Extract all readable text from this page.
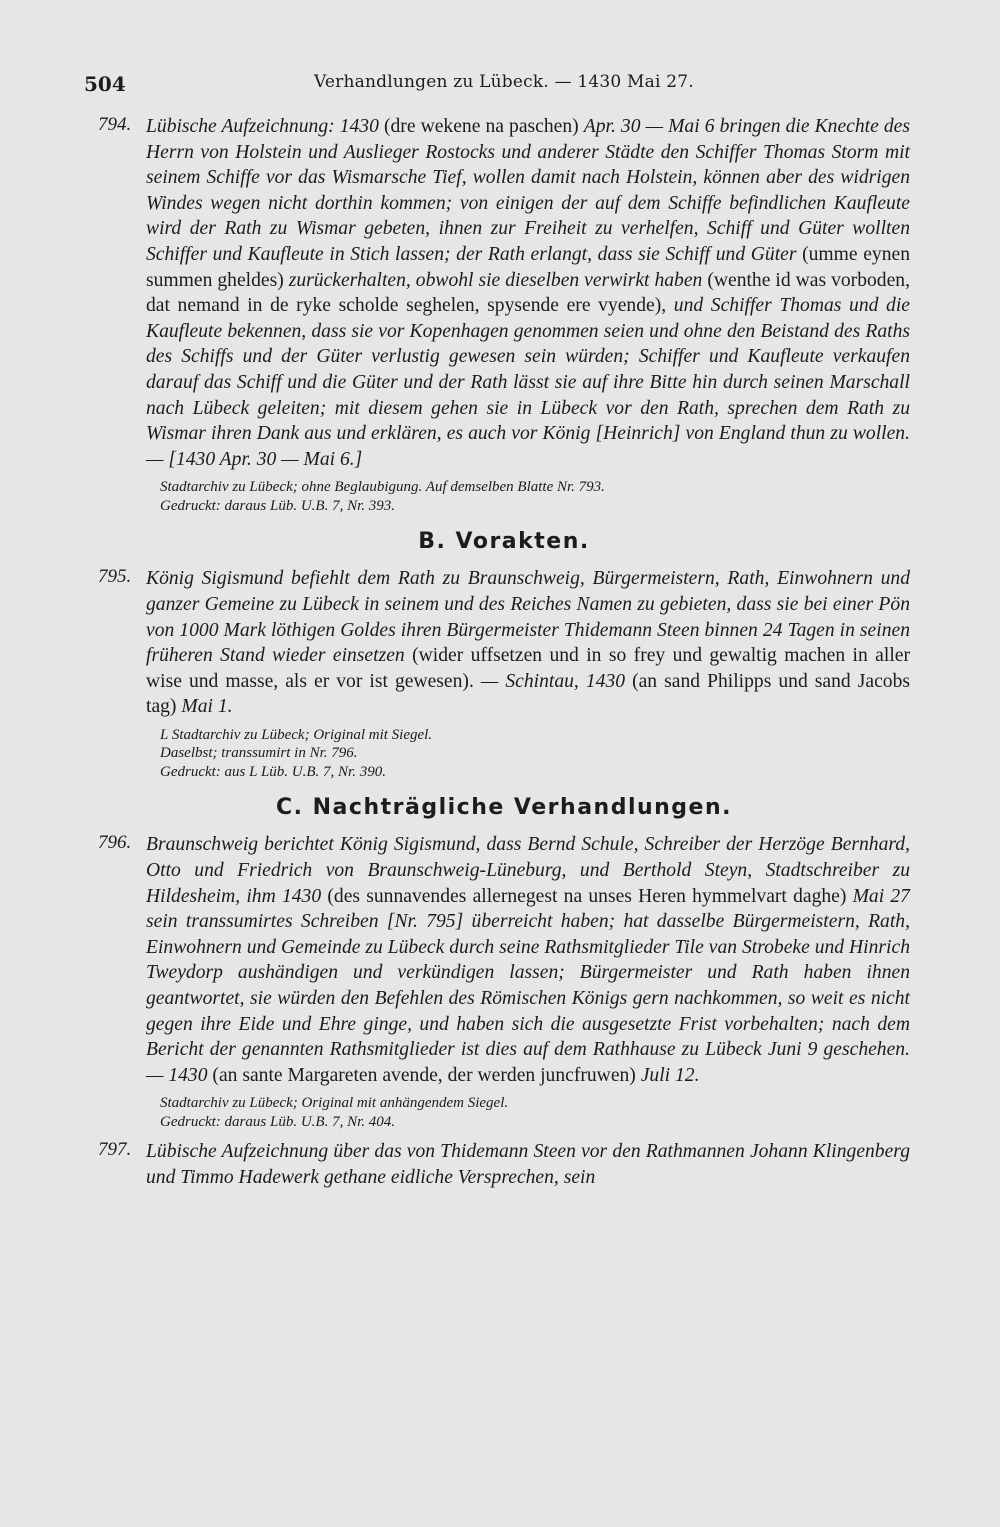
504	Verhandlungen zu Lübeck. — 1430 Mai 27.
794. Lübische Aufzeichnung: 1430 (dre wekene na paschen) Apr. 30 — Mai 6 bringen die Knechte des Herrn von Holstein und Auslieger Rostocks und anderer Städte den Schiffer Thomas Storm mit seinem Schiffe vor das Wismarsche Tief, wollen damit nach Holstein, können aber des widrigen Windes wegen nicht dorthin kommen; von einigen der auf dem Schiffe befindlichen Kaufleute wird der Rath zu Wismar gebeten, ihnen zur Freiheit zu verhelfen, Schiff und Güter wollten Schiffer und Kaufleute in Stich lassen; der Rath erlangt, dass sie Schiff und Güter (umme eynen summen gheldes) zurückerhalten, obwohl sie dieselben verwirkt haben (wenthe id was vorboden, dat nemand in de ryke scholde seghelen, spysende ere vyende), und Schiffer Thomas und die Kaufleute bekennen, dass sie vor Kopenhagen genommen seien und ohne den Beistand des Raths des Schiffs und der Güter verlustig gewesen sein würden; Schiffer und Kaufleute verkaufen darauf das Schiff und die Güter und der Rath lässt sie auf ihre Bitte hin durch seinen Marschall nach Lübeck geleiten; mit diesem gehen sie in Lübeck vor den Rath, sprechen dem Rath zu Wismar ihren Dank aus und erklären, es auch vor König [Heinrich] von England thun zu wollen. — [1430 Apr. 30 — Mai 6.]
Stadtarchiv zu Lübeck; ohne Beglaubigung. Auf demselben Blatte Nr. 793.
Gedruckt: daraus Lüb. U.B. 7, Nr. 393.
B. Vorakten.
795. König Sigismund befiehlt dem Rath zu Braunschweig, Bürgermeistern, Rath, Einwohnern und ganzer Gemeine zu Lübeck in seinem und des Reiches Namen zu gebieten, dass sie bei einer Pön von 1000 Mark löthigen Goldes ihren Bürgermeister Thidemann Steen binnen 24 Tagen in seinen früheren Stand wieder einsetzen (wider uffsetzen und in so frey und gewaltig machen in aller wise und masse, als er vor ist gewesen). — Schintau, 1430 (an sand Philipps und sand Jacobs tag) Mai 1.
L Stadtarchiv zu Lübeck; Original mit Siegel.
Daselbst; transsumirt in Nr. 796.
Gedruckt: aus L Lüb. U.B. 7, Nr. 390.
C. Nachträgliche Verhandlungen.
796. Braunschweig berichtet König Sigismund, dass Bernd Schule, Schreiber der Herzöge Bernhard, Otto und Friedrich von Braunschweig-Lüneburg, und Berthold Steyn, Stadtschreiber zu Hildesheim, ihm 1430 (des sunnavendes allernegest na unses Heren hymmelvart daghe) Mai 27 sein transsumirtes Schreiben [Nr. 795] überreicht haben; hat dasselbe Bürgermeistern, Rath, Einwohnern und Gemeinde zu Lübeck durch seine Rathsmitglieder Tile van Strobeke und Hinrich Tweydorp aushändigen und verkündigen lassen; Bürgermeister und Rath haben ihnen geantwortet, sie würden den Befehlen des Römischen Königs gern nachkommen, so weit es nicht gegen ihre Eide und Ehre ginge, und haben sich die ausgesetzte Frist vorbehalten; nach dem Bericht der genannten Rathsmitglieder ist dies auf dem Rathhause zu Lübeck Juni 9 geschehen. — 1430 (an sante Margareten avende, der werden juncfruwen) Juli 12.
Stadtarchiv zu Lübeck; Original mit anhängendem Siegel.
Gedruckt: daraus Lüb. U.B. 7, Nr. 404.
797. Lübische Aufzeichnung über das von Thidemann Steen vor den Rathmannen Johann Klingenberg und Timmo Hadewerk gethane eidliche Versprechen, sein
